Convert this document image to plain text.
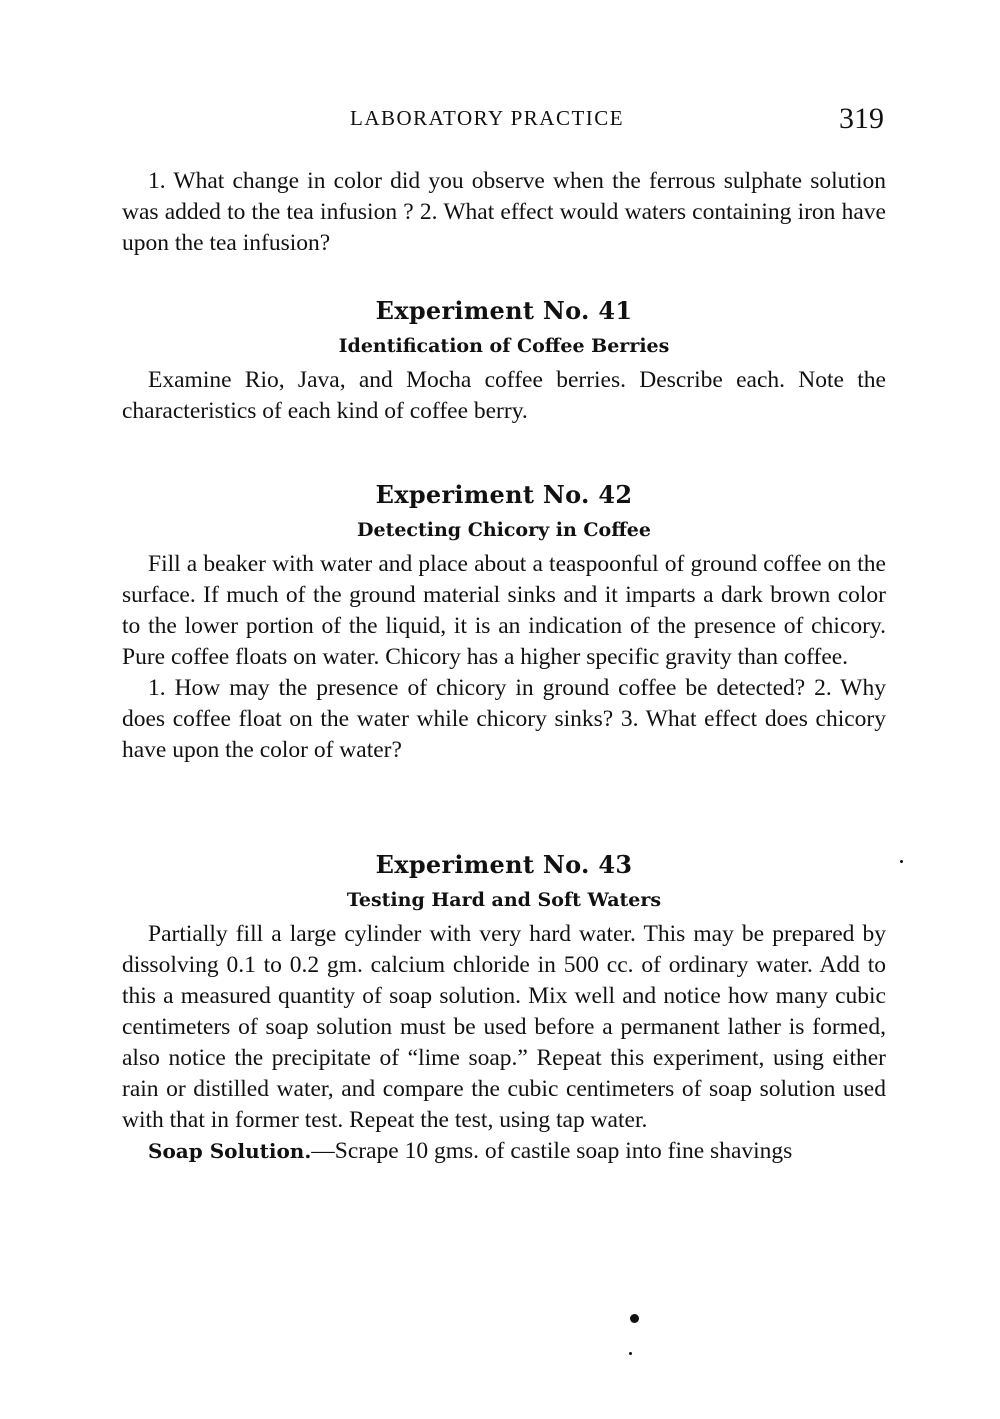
LABORATORY PRACTICE	319

1. What change in color did you observe when the ferrous sulphate solution was added to the tea infusion ? 2. What effect would waters containing iron have upon the tea infusion?

Experiment No. 41
Identification of Coffee Berries

Examine Rio, Java, and Mocha coffee berries. Describe each. Note the characteristics of each kind of coffee berry.

Experiment No. 42
Detecting Chicory in Coffee

Fill a beaker with water and place about a teaspoonful of ground coffee on the surface. If much of the ground material sinks and it imparts a dark brown color to the lower portion of the liquid, it is an indication of the presence of chicory. Pure coffee floats on water. Chicory has a higher specific gravity than coffee.

1. How may the presence of chicory in ground coffee be detected? 2. Why does coffee float on the water while chicory sinks? 3. What effect does chicory have upon the color of water?

Experiment No. 43
Testing Hard and Soft Waters

Partially fill a large cylinder with very hard water. This may be prepared by dissolving 0.1 to 0.2 gm. calcium chloride in 500 cc. of ordinary water. Add to this a measured quantity of soap solution. Mix well and notice how many cubic centimeters of soap solution must be used before a permanent lather is formed, also notice the precipitate of “lime soap.” Repeat this experiment, using either rain or distilled water, and compare the cubic centimeters of soap solution used with that in former test. Repeat the test, using tap water.

Soap Solution.—Scrape 10 gms. of castile soap into fine shavings
